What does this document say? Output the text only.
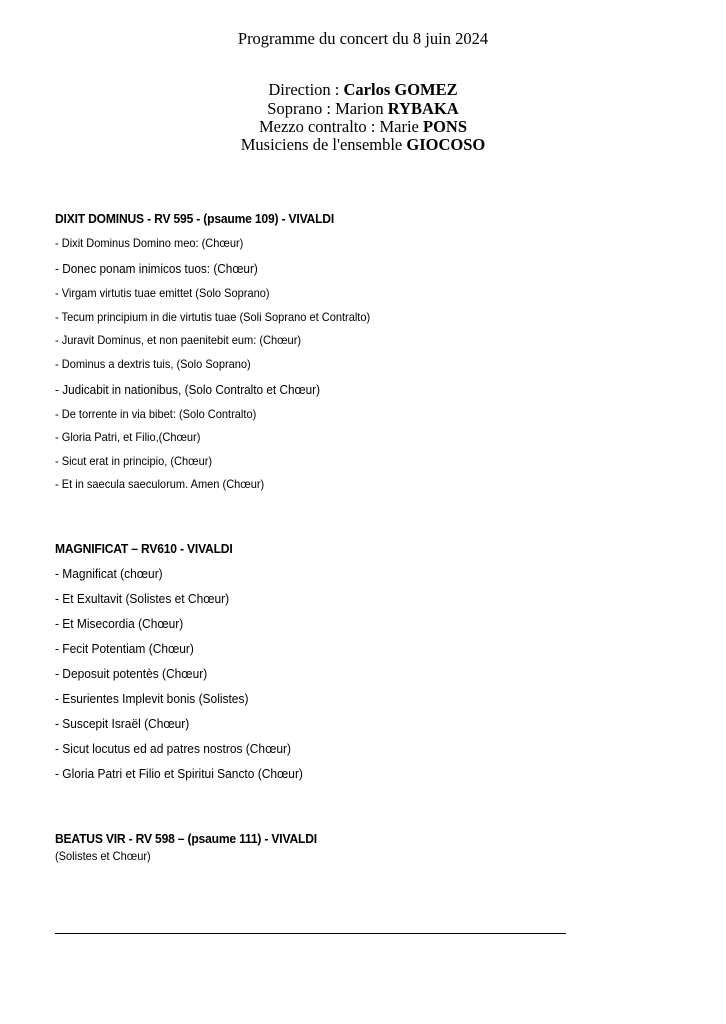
Programme du concert du 8 juin 2024
Direction : Carlos GOMEZ
Soprano : Marion RYBAKA
Mezzo contralto : Marie PONS
Musiciens de l'ensemble GIOCOSO
DIXIT DOMINUS - RV 595 - (psaume 109) - VIVALDI
- Dixit Dominus Domino meo: (Chœur)
- Donec ponam inimicos tuos: (Chœur)
- Virgam virtutis tuae emittet (Solo Soprano)
- Tecum principium in die virtutis tuae (Soli Soprano et Contralto)
- Juravit Dominus, et non paenitebit eum: (Chœur)
- Dominus a dextris tuis, (Solo Soprano)
- Judicabit in nationibus, (Solo Contralto et Chœur)
- De torrente in via bibet: (Solo Contralto)
- Gloria Patri, et Filio,(Chœur)
- Sicut erat in principio, (Chœur)
- Et in saecula saeculorum. Amen (Chœur)
MAGNIFICAT – RV610 - VIVALDI
- Magnificat (chœur)
- Et Exultavit (Solistes et Chœur)
- Et Misecordia (Chœur)
- Fecit Potentiam (Chœur)
- Deposuit potentès (Chœur)
- Esurientes Implevit bonis (Solistes)
- Suscepit Israël (Chœur)
- Sicut locutus ed ad patres nostros (Chœur)
- Gloria Patri et Filio et Spiritui Sancto (Chœur)
BEATUS VIR - RV 598 – (psaume 111) - VIVALDI
(Solistes et Chœur)
